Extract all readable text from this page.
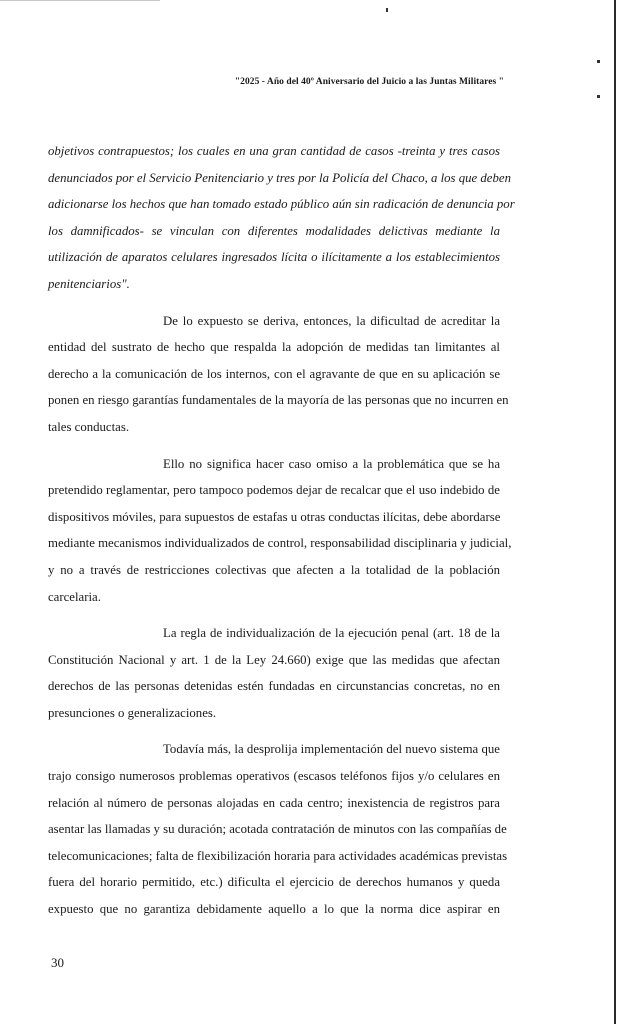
"2025 - Año del 40º Aniversario del Juicio a las Juntas Militares "
objetivos contrapuestos; los cuales en una gran cantidad de casos -treinta y tres casos
denunciados por el Servicio Penitenciario y tres por la Policía del Chaco, a los que deben
adicionarse los hechos que han tomado estado público aún sin radicación de denuncia por
los damnificados- se vinculan con diferentes modalidades delictivas mediante la
utilización de aparatos celulares ingresados lícita o ilícitamente a los establecimientos
penitenciarios".
De lo expuesto se deriva, entonces, la dificultad de acreditar la
entidad del sustrato de hecho que respalda la adopción de medidas tan limitantes al
derecho a la comunicación de los internos, con el agravante de que en su aplicación se
ponen en riesgo garantías fundamentales de la mayoría de las personas que no incurren en
tales conductas.
Ello no significa hacer caso omiso a la problemática que se ha
pretendido reglamentar, pero tampoco podemos dejar de recalcar que el uso indebido de
dispositivos móviles, para supuestos de estafas u otras conductas ilícitas, debe abordarse
mediante mecanismos individualizados de control, responsabilidad disciplinaria y judicial,
y no a través de restricciones colectivas que afecten a la totalidad de la población
carcelaria.
La regla de individualización de la ejecución penal (art. 18 de la
Constitución Nacional y art. 1 de la Ley 24.660) exige que las medidas que afectan
derechos de las personas detenidas estén fundadas en circunstancias concretas, no en
presunciones o generalizaciones.
Todavía más, la desprolija implementación del nuevo sistema que
trajo consigo numerosos problemas operativos (escasos teléfonos fijos y/o celulares en
relación al número de personas alojadas en cada centro; inexistencia de registros para
asentar las llamadas y su duración; acotada contratación de minutos con las compañías de
telecomunicaciones; falta de flexibilización horaria para actividades académicas previstas
fuera del horario permitido, etc.) dificulta el ejercicio de derechos humanos y queda
expuesto que no garantiza debidamente aquello a lo que la norma dice aspirar en
30
